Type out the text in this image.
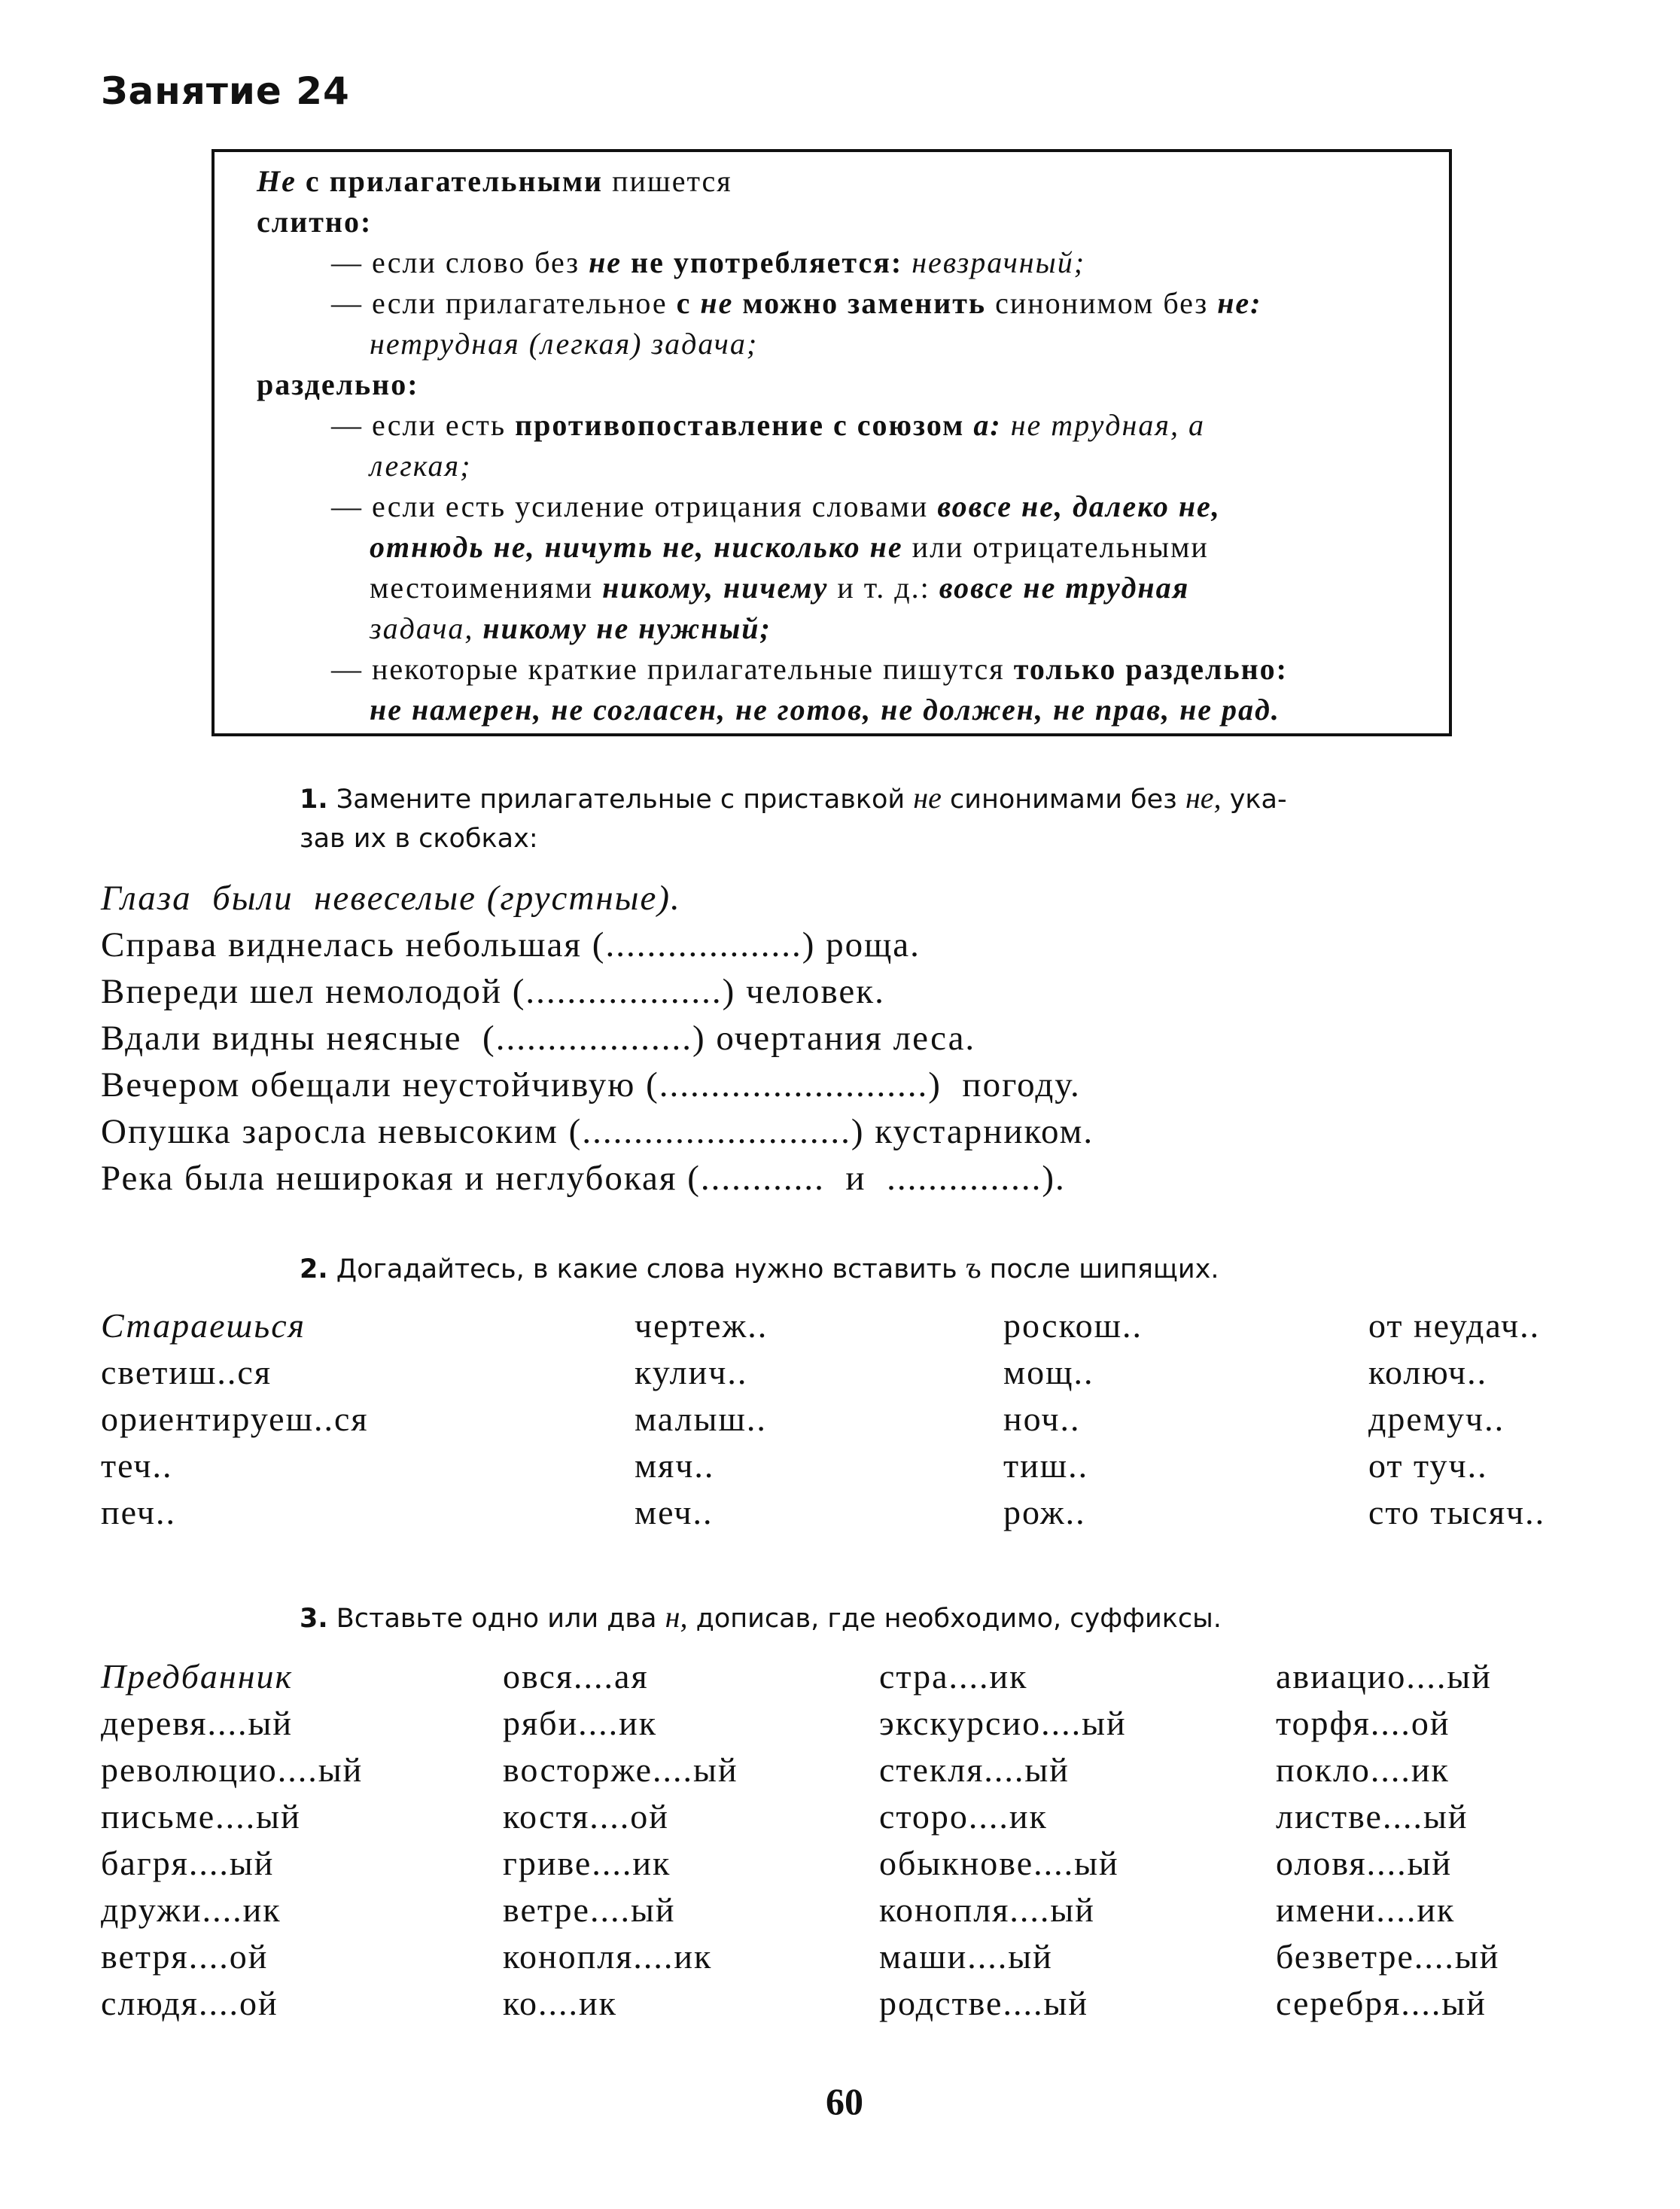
Занятие 24
Не с прилагательными пишется
слитно:
— если слово без не не употребляется: невзрачный;
— если прилагательное с не можно заменить синонимом без не:
нетрудная (легкая) задача;
раздельно:
— если есть противопоставление с союзом а: не трудная, а
легкая;
— если есть усиление отрицания словами вовсе не, далеко не,
отнюдь не, ничуть не, нисколько не или отрицательными
местоимениями никому, ничему и т. д.: вовсе не трудная
задача, никому не нужный;
— некоторые краткие прилагательные пишутся только раздельно:
не намерен, не согласен, не готов, не должен, не прав, не рад.
1. Замените прилагательные с приставкой не синонимами без не, ука-
зав их в скобках:
Глаза  были  невеселые (грустные).
Справа виднелась небольшая (...................) роща.
Впереди шел немолодой (...................) человек.
Вдали видны неясные  (...................) очертания леса.
Вечером обещали неустойчивую (..........................)  погоду.
Опушка заросла невысоким (..........................) кустарником.
Река была неширокая и неглубокая (............  и  ...............).
2. Догадайтесь, в какие слова нужно вставить ъ после шипящих.
Стараешься
светиш..ся
ориентируеш..ся
теч..
печ..
чертеж..
кулич..
малыш..
мяч..
меч..
роскош..
мощ..
ноч..
тиш..
рож..
от неудач..
колюч..
дремуч..
от туч..
сто тысяч..
3. Вставьте одно или два н, дописав, где необходимо, суффиксы.
Предбанник
деревя....ый
революцио....ый
письме....ый
багря....ый
дружи....ик
ветря....ой
слюдя....ой
овся....ая
ряби....ик
восторже....ый
костя....ой
гриве....ик
ветре....ый
конопля....ик
ко....ик
стра....ик
экскурсио....ый
стекля....ый
сторо....ик
обыкнове....ый
конопля....ый
маши....ый
родстве....ый
авиацио....ый
торфя....ой
покло....ик
листве....ый
оловя....ый
имени....ик
безветре....ый
серебря....ый
60
